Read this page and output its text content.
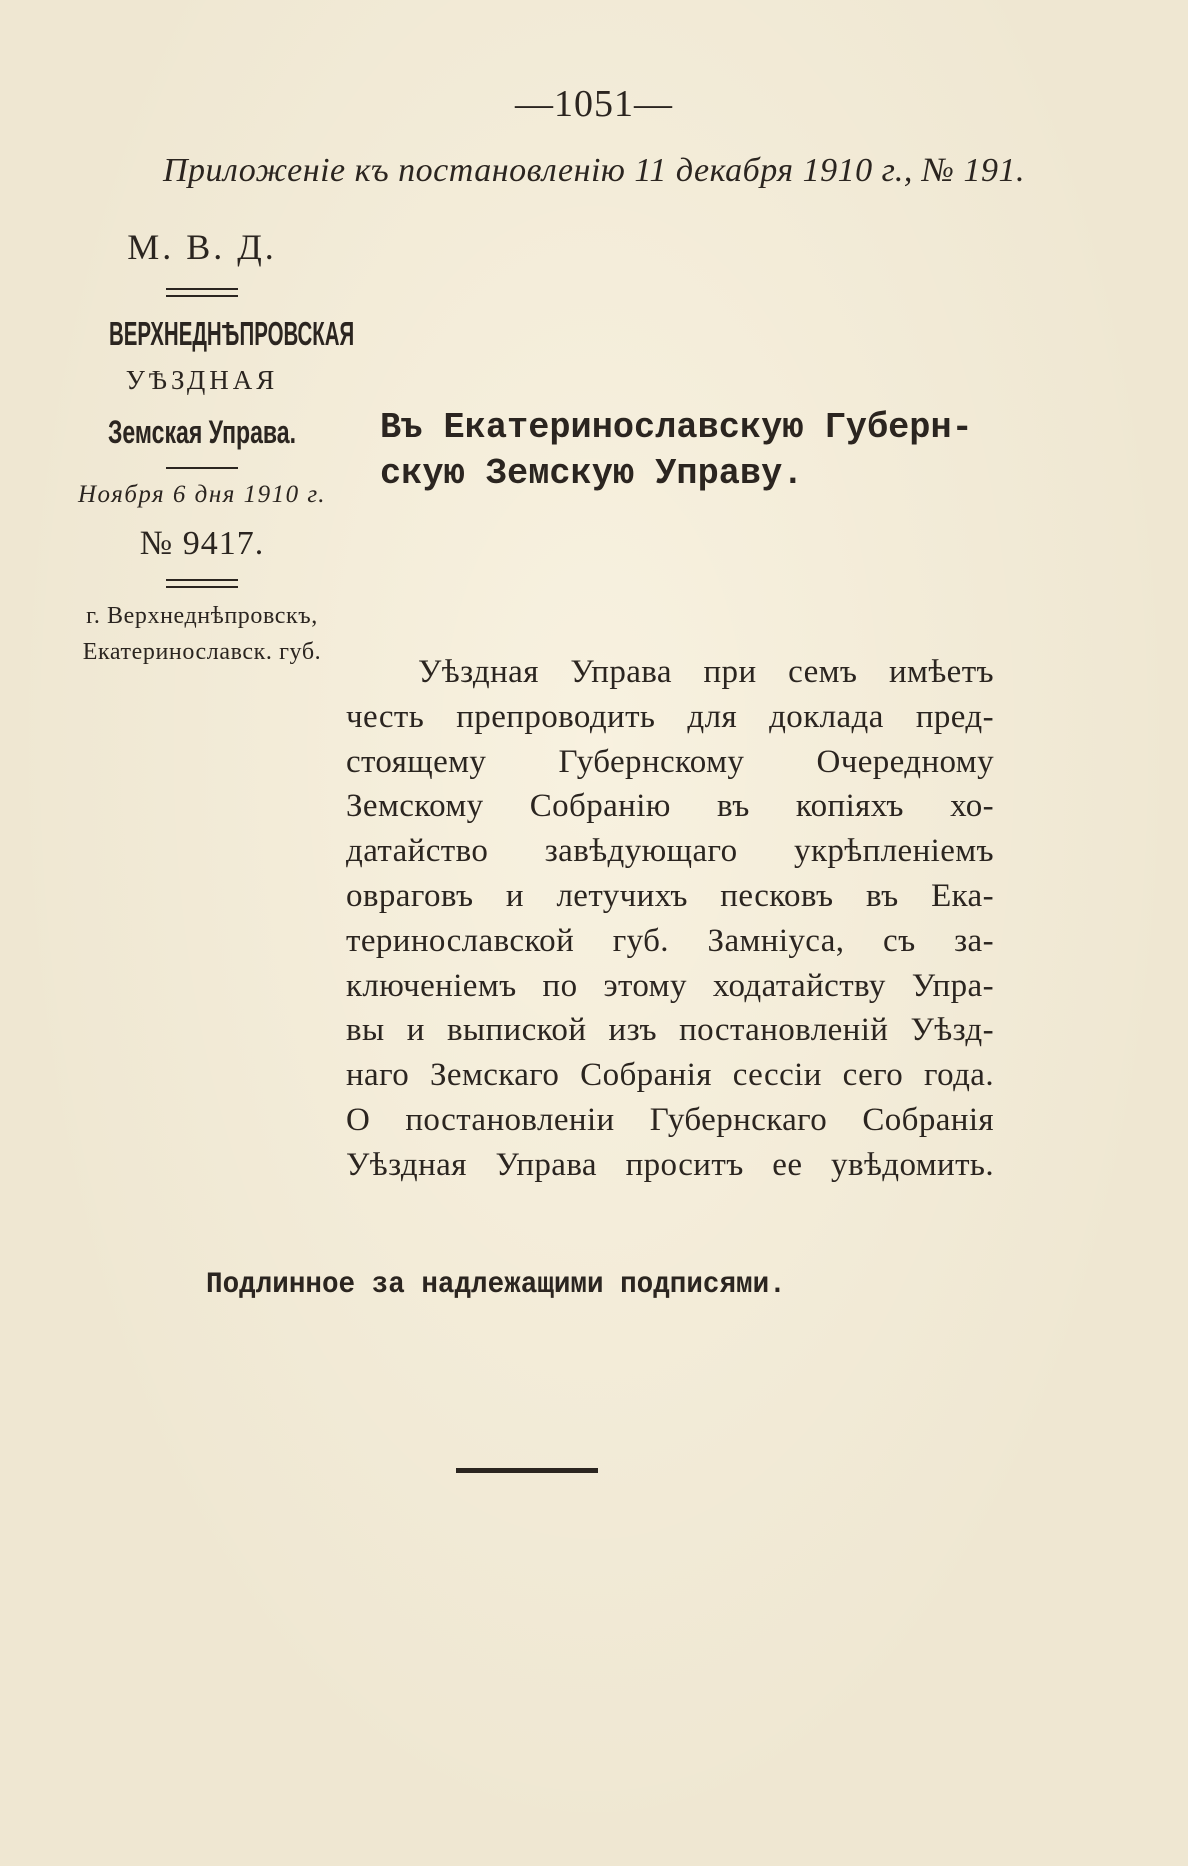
—1051—
Приложенiе къ постановленiю 11 декабря 1910 г., № 191.
М. В. Д.
ВЕРХНЕДНѢПРОВСКАЯ
УѢЗДНАЯ
Земская Управа.
Ноября 6 дня 1910 г.
№ 9417.
г. Верхнеднѣпровскъ,
Екатеринославск. губ.
Въ Екатеринославскую Губерн-
скую Земскую Управу.
Уѣздная Управа при семъ имѣетъ
честь препроводить для доклада пред-
стоящему Губернскому Очередному
Земскому Собранiю въ копiяхъ хо-
датайство завѣдующаго укрѣпленiемъ
овраговъ и летучихъ песковъ въ Ека-
теринославской губ. Замнiуса, съ за-
ключенiемъ по этому ходатайству Упра-
вы и выпиской изъ постановленiй Уѣзд-
наго Земскаго Собранiя сессiи сего года.
О постановленiи Губернскаго Собранiя
Уѣздная Управа проситъ ее увѣдомить.
Подлинное за надлежащими подписями.
